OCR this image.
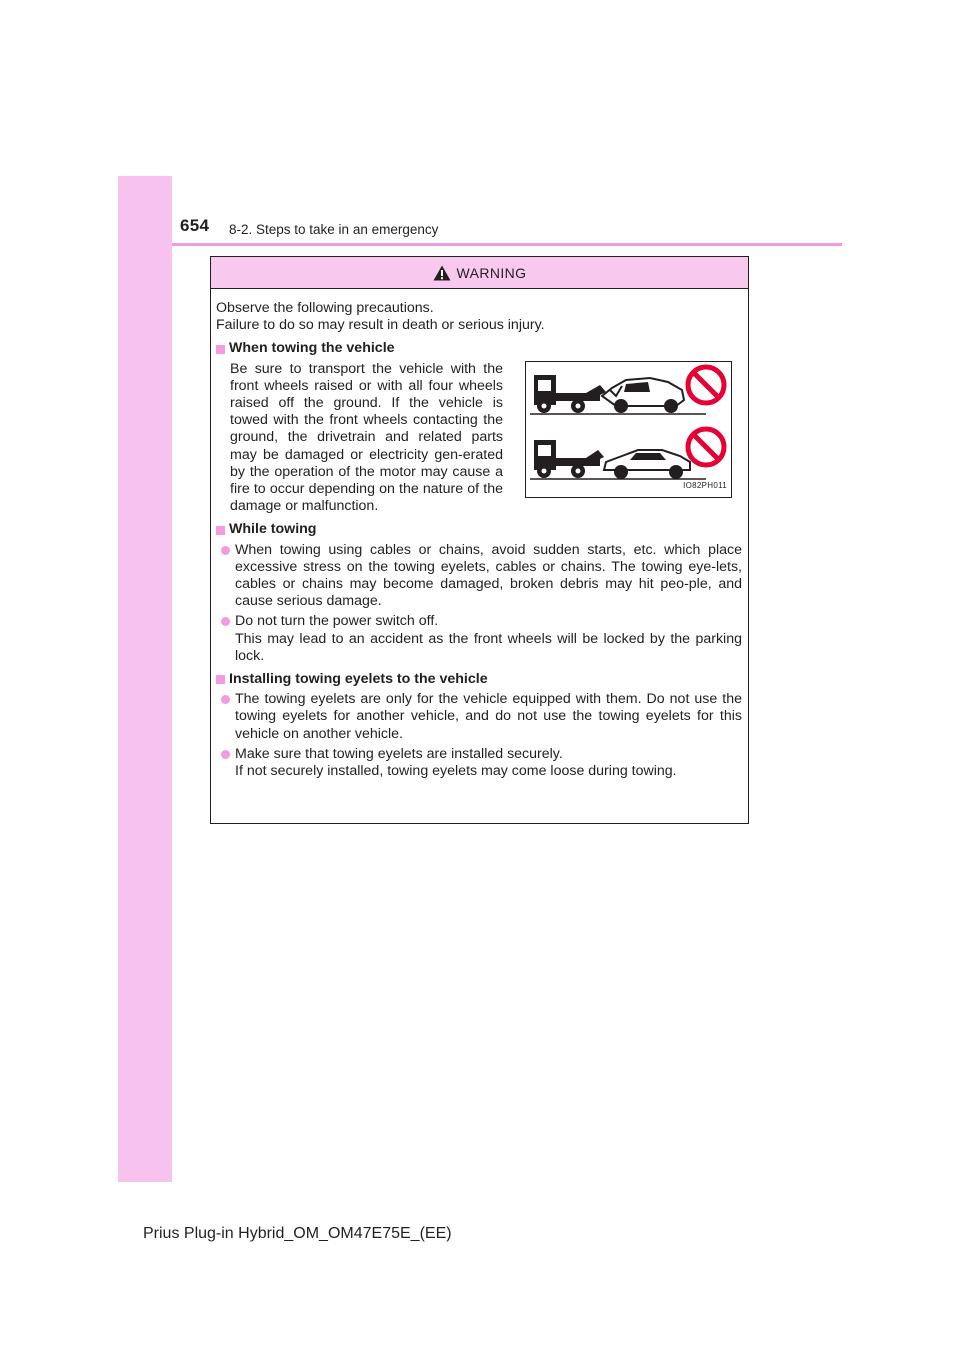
654 8-2. Steps to take in an emergency
WARNING

Observe the following precautions.

Failure to do so may result in death or serious injury.

When towing the vehicle
Be sure to transport the vehicle with the front wheels raised or with all four wheels raised off the ground. If the vehicle is towed with the front wheels contacting the ground, the drivetrain and related parts may be damaged or electricity gen-erated by the operation of the motor may cause a fire to occur depending on the nature of the damage or malfunction.
IO82PH011
While towing

When towing using cables or chains, avoid sudden starts, etc. which place excessive stress on the towing eyelets, cables or chains. The towing eye-lets, cables or chains may become damaged, broken debris may hit peo-ple, and cause serious damage.

Do not turn the power switch off.

This may lead to an accident as the front wheels will be locked by the parking lock.

Installing towing eyelets to the vehicle

The towing eyelets are only for the vehicle equipped with them. Do not use the towing eyelets for another vehicle, and do not use the towing eyelets for this vehicle on another vehicle.

Make sure that towing eyelets are installed securely.

If not securely installed, towing eyelets may come loose during towing.

Prius Plug-in Hybrid_OM_OM47E75E_(EE)
